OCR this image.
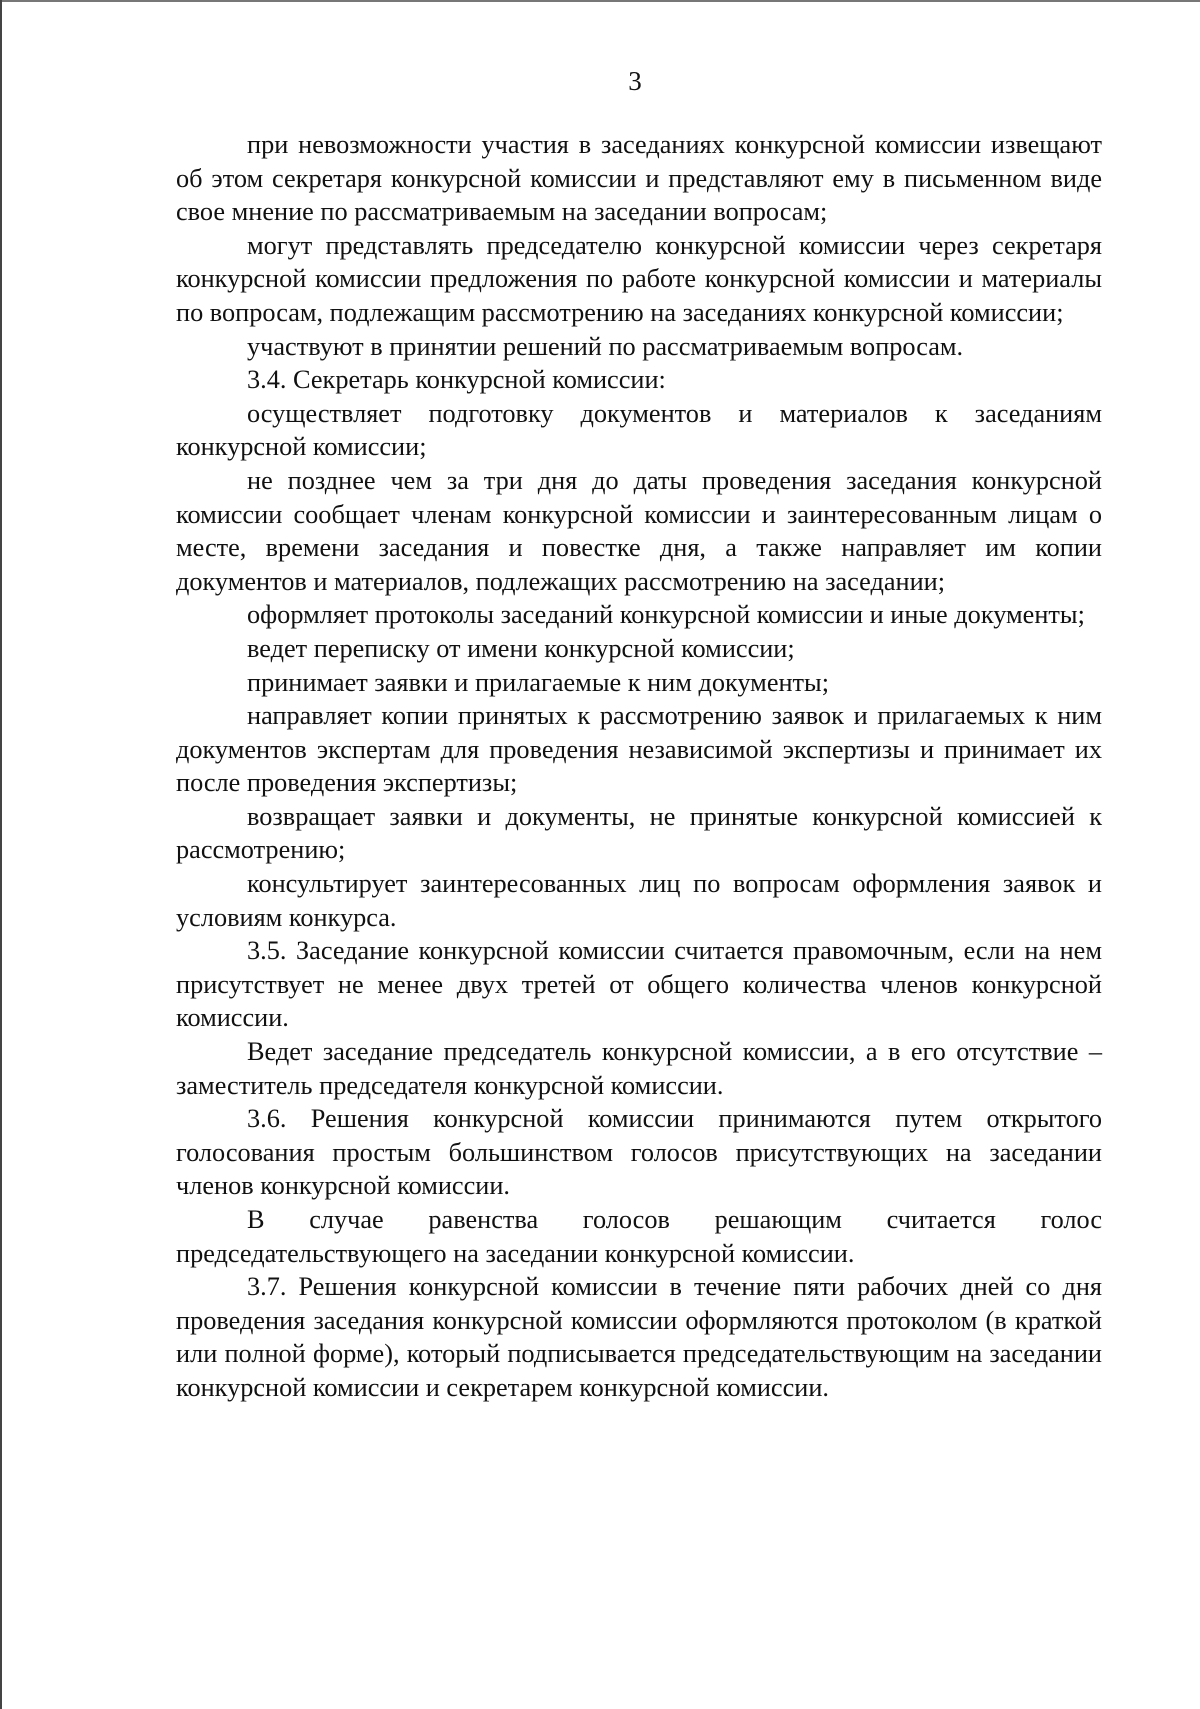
3

при невозможности участия в заседаниях конкурсной комиссии извещают об этом секретаря конкурсной комиссии и представляют ему в письменном виде свое мнение по рассматриваемым на заседании вопросам;

могут представлять председателю конкурсной комиссии через секретаря конкурсной комиссии предложения по работе конкурсной комиссии и материалы по вопросам, подлежащим рассмотрению на заседаниях конкурсной комиссии;

участвуют в принятии решений по рассматриваемым вопросам.

3.4. Секретарь конкурсной комиссии:

осуществляет подготовку документов и материалов к заседаниям конкурсной комиссии;

не позднее чем за три дня до даты проведения заседания конкурсной комиссии сообщает членам конкурсной комиссии и заинтересованным лицам о месте, времени заседания и повестке дня, а также направляет им копии документов и материалов, подлежащих рассмотрению на заседании;

оформляет протоколы заседаний конкурсной комиссии и иные документы;

ведет переписку от имени конкурсной комиссии;

принимает заявки и прилагаемые к ним документы;

направляет копии принятых к рассмотрению заявок и прилагаемых к ним документов экспертам для проведения независимой экспертизы и принимает их после проведения экспертизы;

возвращает заявки и документы, не принятые конкурсной комиссией к рассмотрению;

консультирует заинтересованных лиц по вопросам оформления заявок и условиям конкурса.

3.5. Заседание конкурсной комиссии считается правомочным, если на нем присутствует не менее двух третей от общего количества членов конкурсной комиссии.

Ведет заседание председатель конкурсной комиссии, а в его отсутствие – заместитель председателя конкурсной комиссии.

3.6. Решения конкурсной комиссии принимаются путем открытого голосования простым большинством голосов присутствующих на заседании членов конкурсной комиссии.

В случае равенства голосов решающим считается голос председательствующего на заседании конкурсной комиссии.

3.7. Решения конкурсной комиссии в течение пяти рабочих дней со дня проведения заседания конкурсной комиссии оформляются протоколом (в краткой или полной форме), который подписывается председательствующим на заседании конкурсной комиссии и секретарем конкурсной комиссии.
